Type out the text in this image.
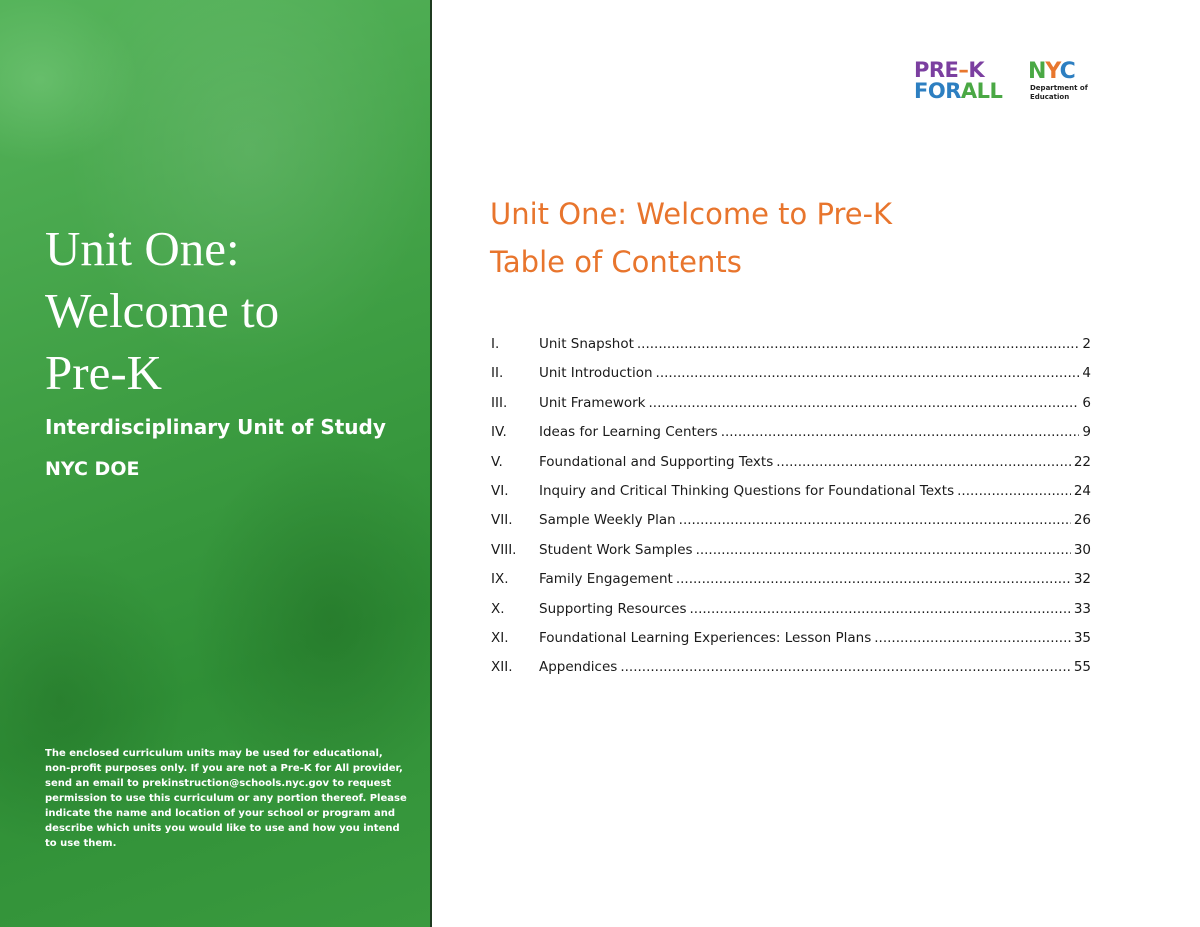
Unit One:
Welcome to
Pre-K
Interdisciplinary Unit of Study
NYC DOE

The enclosed curriculum units may be used for educational, non-profit purposes only. If you are not a Pre-K for All provider, send an email to prekinstruction@schools.nyc.gov to request permission to use this curriculum or any portion thereof. Please indicate the name and location of your school or program and describe which units you would like to use and how you intend to use them.

PRE–K
FORALL
NYC
Department of
Education
Unit One: Welcome to Pre-K
Table of Contents
I.	Unit Snapshot .....	2
II.	Unit Introduction .....	4
III.	Unit Framework .....	6
IV.	Ideas for Learning Centers .....	9
V.	Foundational and Supporting Texts .....	22
VI.	Inquiry and Critical Thinking Questions for Foundational Texts .....	24
VII.	Sample Weekly Plan .....	26
VIII.	Student Work Samples .....	30
IX.	Family Engagement .....	32
X.	Supporting Resources .....	33
XI.	Foundational Learning Experiences: Lesson Plans .....	35
XII.	Appendices .....	55
